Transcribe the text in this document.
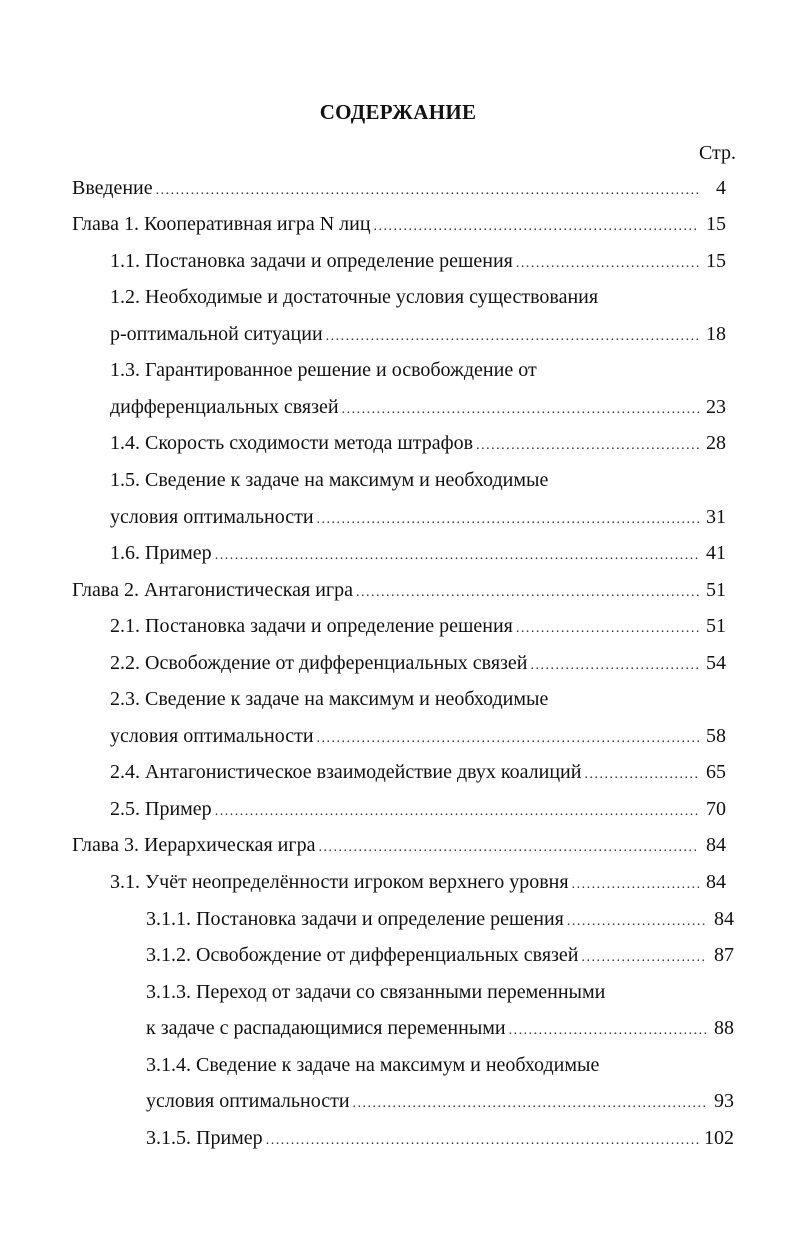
СОДЕРЖАНИЕ
Стр.
Введение .....	4
Глава 1. Кооперативная игра N лиц .....	15
1.1. Постановка задачи и определение решения .....	15
1.2. Необходимые и достаточные условия существования
p-оптимальной ситуации .....	18
1.3. Гарантированное решение и освобождение от
дифференциальных связей .....	23
1.4. Скорость сходимости метода штрафов .....	28
1.5. Сведение к задаче на максимум и необходимые
условия оптимальности .....	31
1.6. Пример .....	41
Глава 2. Антагонистическая игра .....	51
2.1. Постановка задачи и определение решения .....	51
2.2. Освобождение от дифференциальных связей .....	54
2.3. Сведение к задаче на максимум и необходимые
условия оптимальности .....	58
2.4. Антагонистическое взаимодействие двух коалиций .....	65
2.5. Пример .....	70
Глава 3. Иерархическая игра .....	84
3.1. Учёт неопределённости игроком верхнего уровня .....	84
3.1.1. Постановка задачи и определение решения .....	84
3.1.2. Освобождение от дифференциальных связей .....	87
3.1.3. Переход от задачи со связанными переменными
к задаче с распадающимися переменными .....	88
3.1.4. Сведение к задаче на максимум и необходимые
условия оптимальности .....	93
3.1.5. Пример .....	102
